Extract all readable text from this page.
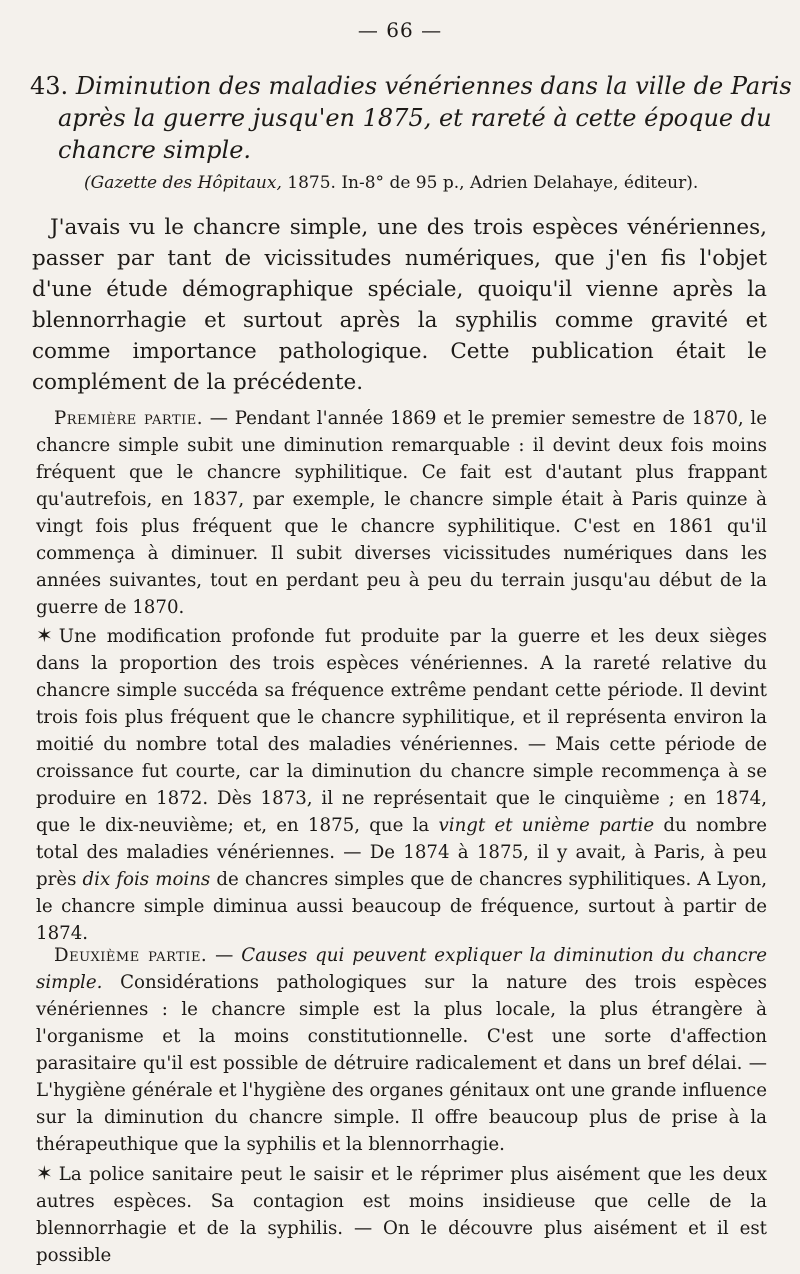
— 66 —
43. Diminution des maladies vénériennes dans la ville de Paris
après la guerre jusqu'en 1875, et rareté à cette époque du
chancre simple.
(Gazette des Hôpitaux, 1875. In-8° de 95 p., Adrien Delahaye, éditeur).

J'avais vu le chancre simple, une des trois espèces vénériennes, passer par tant de vicissitudes numériques, que j'en fis l'objet d'une étude démographique spéciale, quoiqu'il vienne après la blennorrhagie et surtout après la syphilis comme gravité et comme importance pathologique. Cette publication était le complément de la précédente.

Première partie. — Pendant l'année 1869 et le premier semestre de 1870, le chancre simple subit une diminution remarquable : il devint deux fois moins fréquent que le chancre syphilitique. Ce fait est d'autant plus frappant qu'autrefois, en 1837, par exemple, le chancre simple était à Paris quinze à vingt fois plus fréquent que le chancre syphilitique. C'est en 1861 qu'il commença à diminuer. Il subit diverses vicissitudes numériques dans les années suivantes, tout en perdant peu à peu du terrain jusqu'au début de la guerre de 1870.

✶ Une modification profonde fut produite par la guerre et les deux sièges dans la proportion des trois espèces vénériennes. A la rareté relative du chancre simple succéda sa fréquence extrême pendant cette période. Il devint trois fois plus fréquent que le chancre syphilitique, et il représenta environ la moitié du nombre total des maladies vénériennes. — Mais cette période de croissance fut courte, car la diminution du chancre simple recommença à se produire en 1872. Dès 1873, il ne représentait que le cinquième ; en 1874, que le dix-neuvième; et, en 1875, que la vingt et unième partie du nombre total des maladies vénériennes. — De 1874 à 1875, il y avait, à Paris, à peu près dix fois moins de chancres simples que de chancres syphilitiques. A Lyon, le chancre simple diminua aussi beaucoup de fréquence, surtout à partir de 1874.

Deuxième partie. — Causes qui peuvent expliquer la diminution du chancre simple. Considérations pathologiques sur la nature des trois espèces vénériennes : le chancre simple est la plus locale, la plus étrangère à l'organisme et la moins constitutionnelle. C'est une sorte d'affection parasitaire qu'il est possible de détruire radicalement et dans un bref délai. — L'hygiène générale et l'hygiène des organes génitaux ont une grande influence sur la diminution du chancre simple. Il offre beaucoup plus de prise à la thérapeuthique que la syphilis et la blennorrhagie.

✶ La police sanitaire peut le saisir et le réprimer plus aisément que les deux autres espèces. Sa contagion est moins insidieuse que celle de la blennorrhagie et de la syphilis. — On le découvre plus aisément et il est possible
